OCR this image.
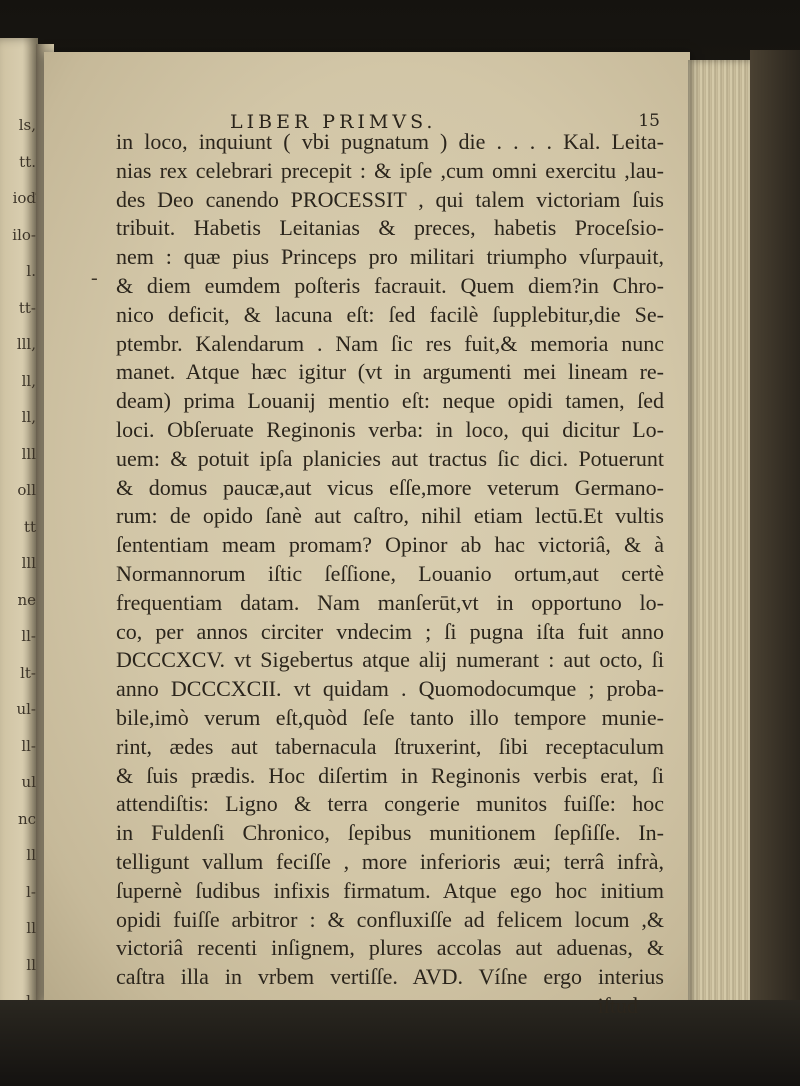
ls,
tt.
ioď
ilo-
l.
tt-
lll,
ll,
ll,
lll
oll
tt
lll
ne
ll-
lt-
ul-
ll-
ul
nc
ll
l-
ll
ll
LIBER PRIMVS.	15
-
in loco, inquiunt ( vbi pugnatum ) die . . . . Kal. Leita-
nias rex celebrari precepit : & ipſe ,cum omni exercitu ,lau-
des Deo canendo PROCESSIT , qui talem victoriam ſuis
tribuit. Habetis Leitanias & preces, habetis Proceſsio-
nem : quæ pius Princeps pro militari triumpho vſurpauit,
& diem eumdem poſteris facrauit. Quem diem?in Chro-
nico deficit, & lacuna eſt: ſed facilè ſupplebitur,die Se-
ptembr. Kalendarum . Nam ſic res fuit,& memoria nunc
manet. Atque hæc igitur (vt in argumenti mei lineam re-
deam) prima Louanij mentio eſt: neque opidi tamen, ſed
loci. Obſeruate Reginonis verba: in loco, qui dicitur Lo-
uem: & potuit ipſa planicies aut tractus ſic dici. Potuerunt
& domus paucæ,aut vicus eſſe,more veterum Germano-
rum: de opido ſanè aut caſtro, nihil etiam lectū.Et vultis
ſententiam meam promam? Opinor ab hac victoriâ, & à
Normannorum iſtic ſeſſione, Louanio ortum,aut certè
frequentiam datam. Nam manſerūt,vt in opportuno lo-
co, per annos circiter vndecim ; ſi pugna iſta fuit anno
DCCCXCV. vt Sigebertus atque alij numerant : aut octo, ſi
anno DCCCXCII. vt quidam . Quomodocumque ; proba-
bile,imò verum eſt,quòd ſeſe tanto illo tempore munie-
rint, ædes aut tabernacula ſtruxerint, ſibi receptaculum
& ſuis prædis. Hoc diſertim in Reginonis verbis erat, ſi
attendiſtis: Ligno & terra congerie munitos fuiſſe: hoc
in Fuldenſi Chronico, ſepibus munitionem ſepſiſſe. In-
telligunt vallum feciſſe , more inferioris æui; terrâ infrà,
ſupernè ſudibus infixis firmatum. Atque ego hoc initium
opidi fuiſſe arbitror : & confluxiſſe ad felicem locum ,&
victoriâ recenti inſignem, plures accolas aut aduenas, &
caſtra illa in vrbem vertiſſe. AVD. Víſne ergo interius
iſtud
